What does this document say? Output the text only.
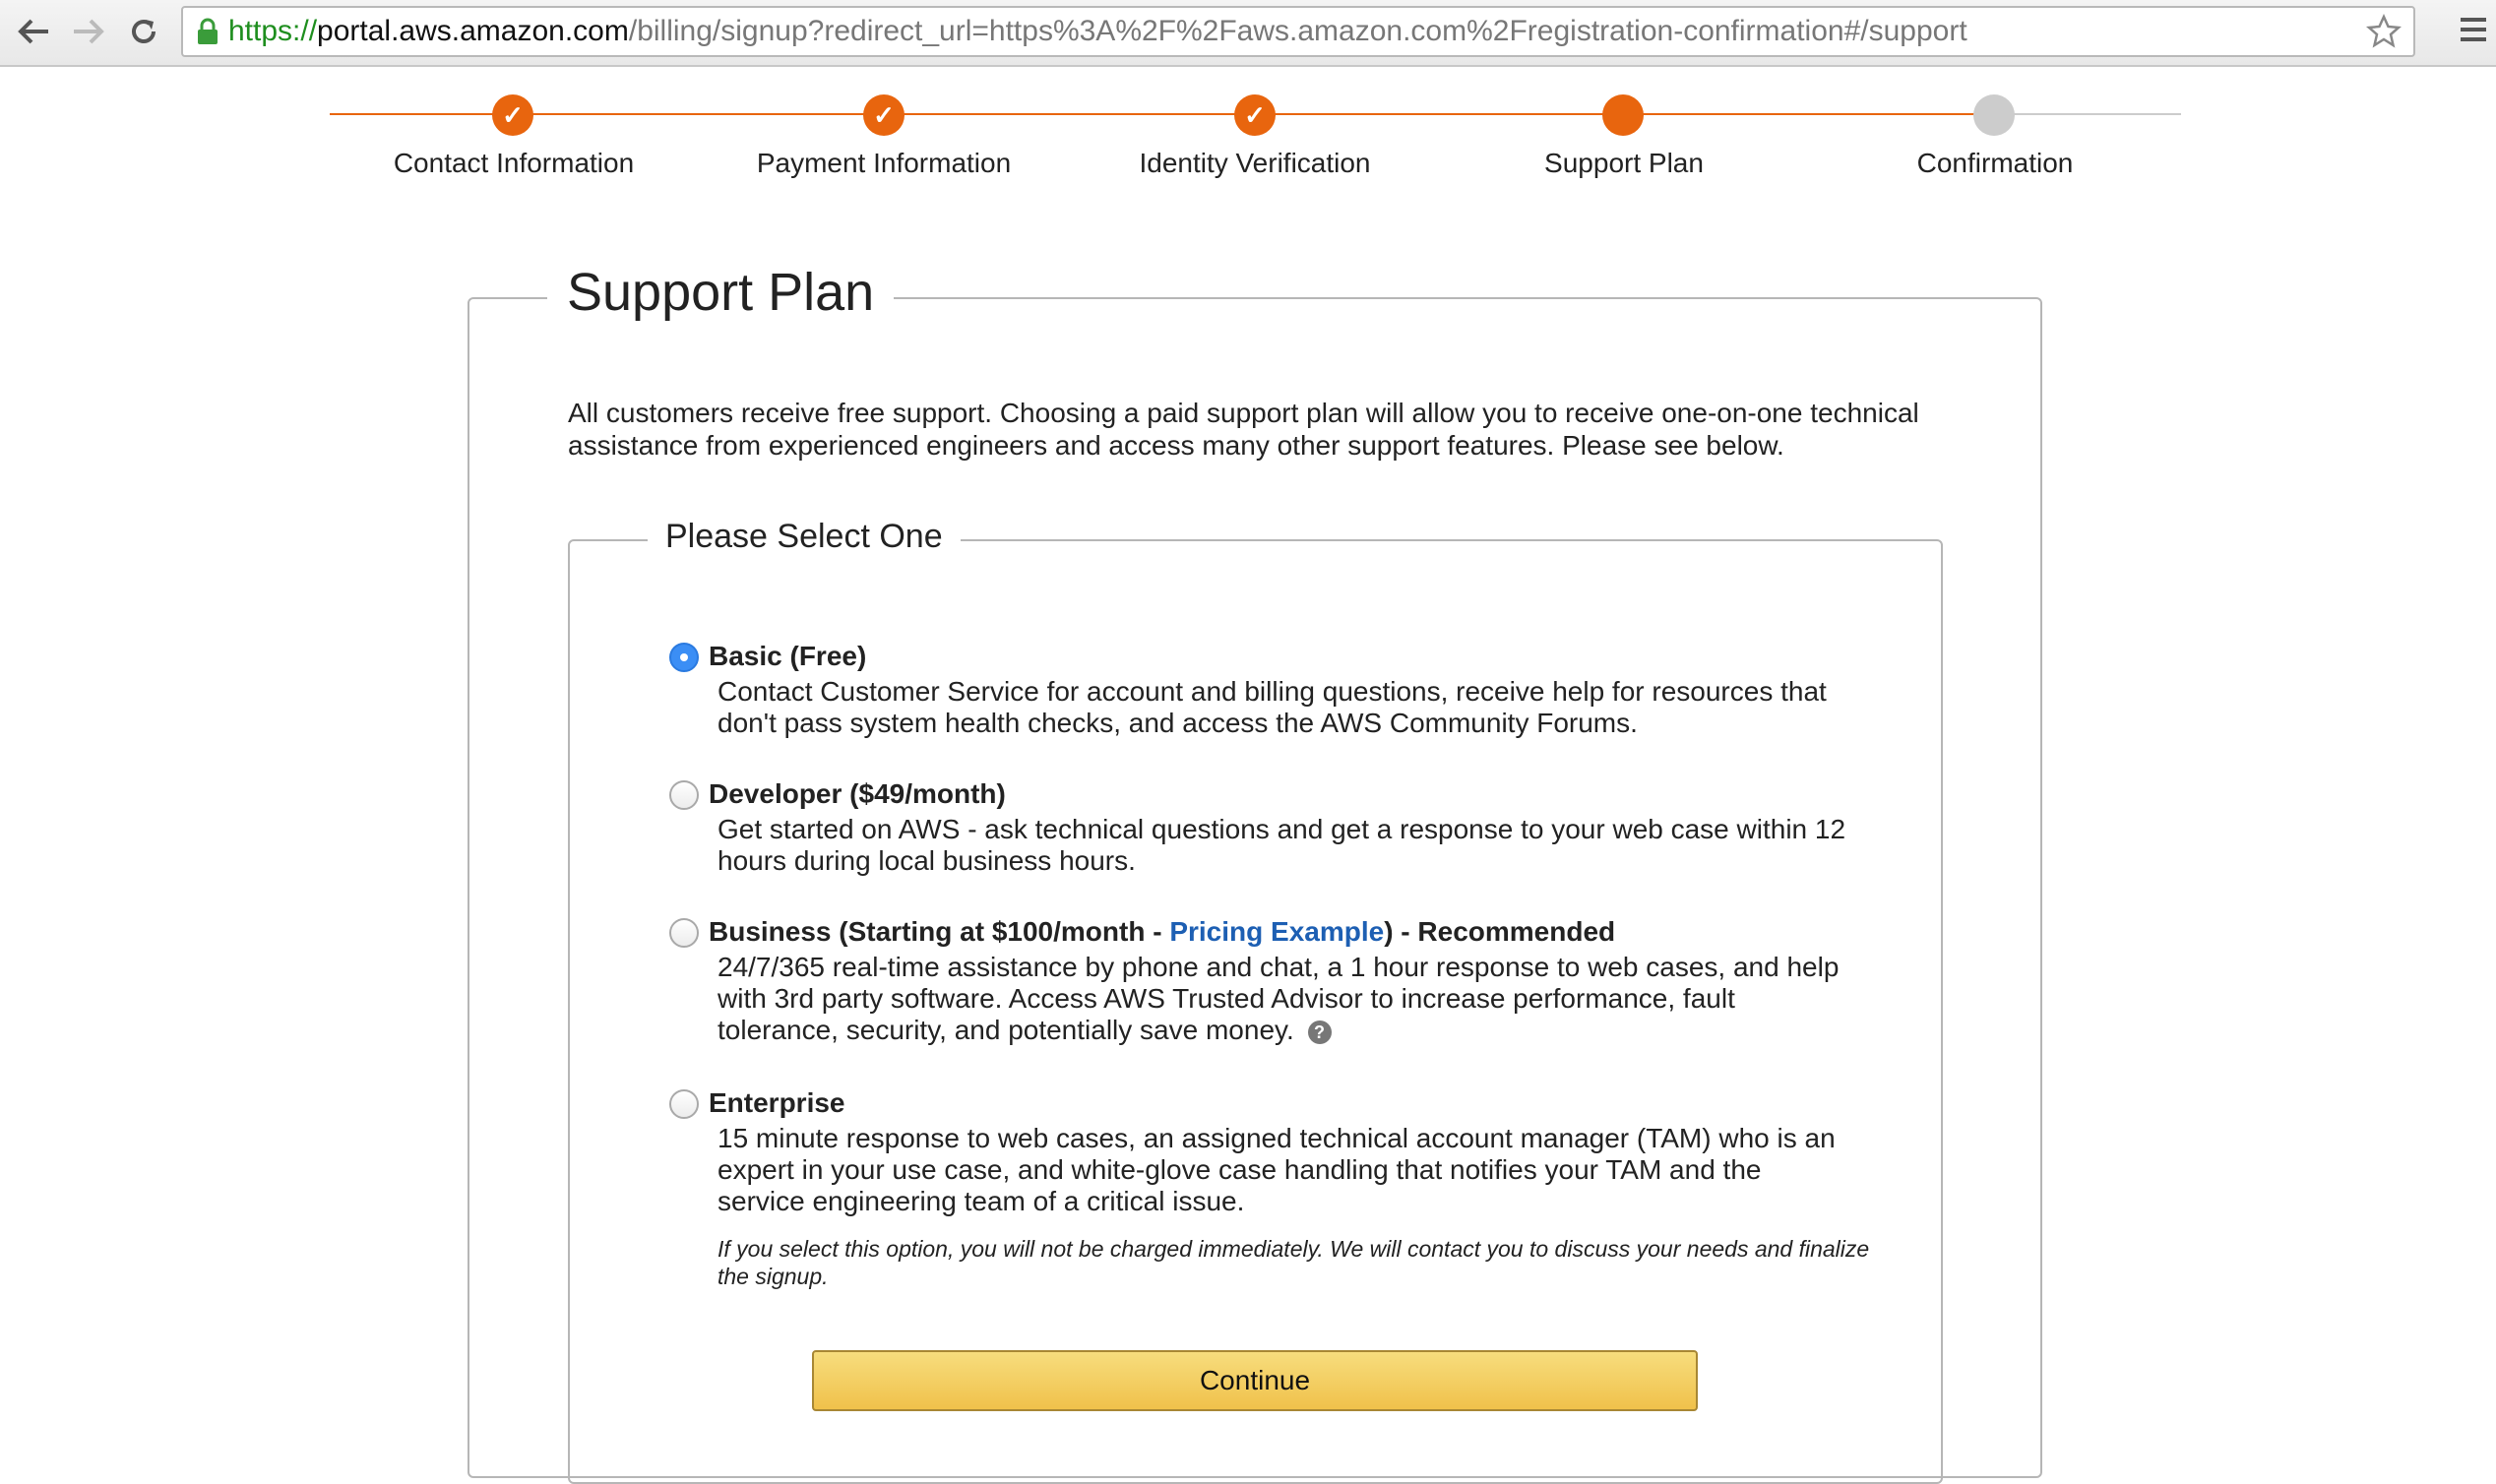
https:// portal.aws.amazon.com /billing/signup?redirect_url=https%3A%2F%2Faws.amazon.com%2Fregistration-confirmation#/support
✓	✓	✓
Contact Information	Payment Information	Identity Verification	Support Plan	Confirmation
Support Plan
All customers receive free support. Choosing a paid support plan will allow you to receive one-on-one technical assistance from experienced engineers and access many other support features. Please see below.
Please Select One
Basic (Free)
Contact Customer Service for account and billing questions, receive help for resources that don't pass system health checks, and access the AWS Community Forums.
Developer ($49/month)
Get started on AWS - ask technical questions and get a response to your web case within 12 hours during local business hours.
Business (Starting at $100/month - Pricing Example) - Recommended
24/7/365 real-time assistance by phone and chat, a 1 hour response to web cases, and help with 3rd party software. Access AWS Trusted Advisor to increase performance, fault tolerance, security, and potentially save money. ?
Enterprise
15 minute response to web cases, an assigned technical account manager (TAM) who is an expert in your use case, and white-glove case handling that notifies your TAM and the service engineering team of a critical issue.
If you select this option, you will not be charged immediately. We will contact you to discuss your needs and finalize the signup.
Continue
